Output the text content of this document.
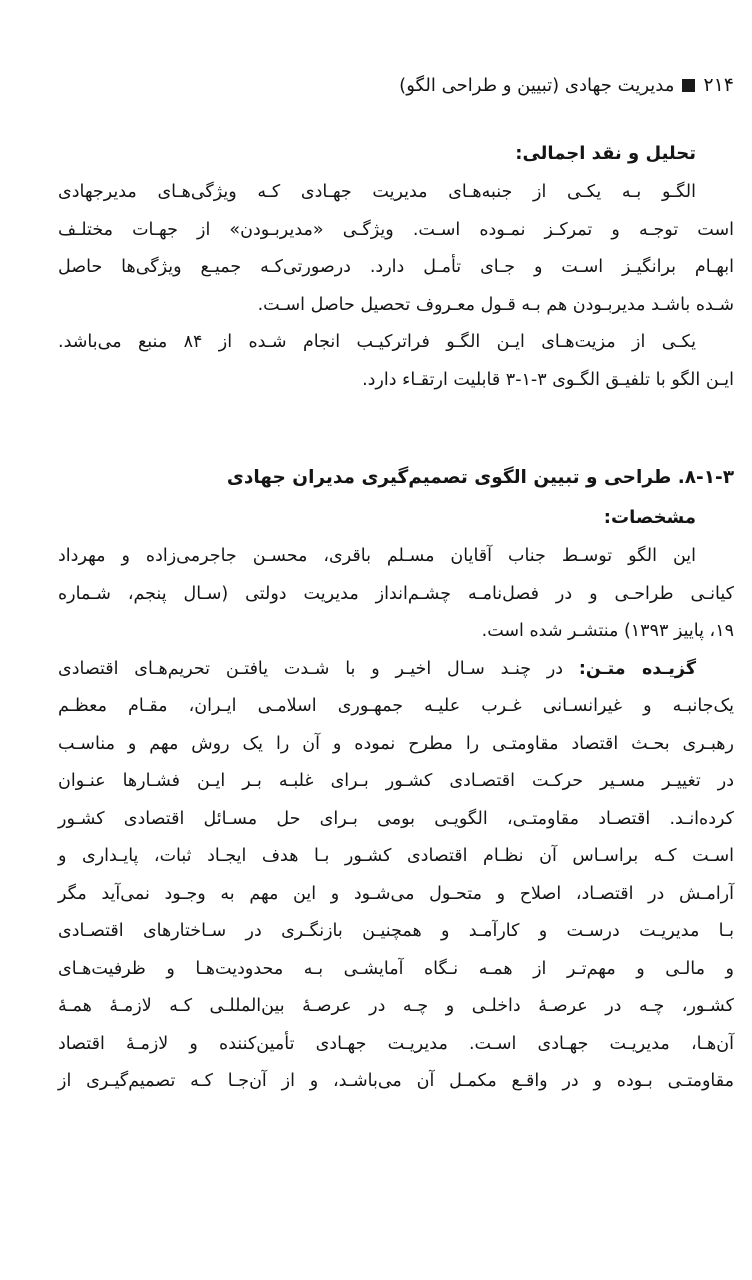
۲۱۴
مدیریت جهادی (تبیین و طراحی الگو)
تحلیل و نقد اجمالی:
الگـو بـه یکـی از جنبه‌هـای مدیریت جهـادی کـه ویژگی‌هـای مدیرجهادی
است توجـه و تمرکـز نمـوده اسـت. ویژگـی «مدیربـودن» از جهـات مختلـف
ابهـام برانگیـز اسـت و جـای تأمـل دارد. درصورتی‌کـه جمیـع ویژگی‌ها حاصل
شـده باشـد مدیربـودن هم بـه قـول معـروف تحصیل حاصل اسـت.
یکـی از مزیت‌هـای ایـن الگـو فراترکیـب انجام شـده از ۸۴ منبع می‌باشد.
ایـن الگو با تلفیـق الگـوی ۳-۱-۳ قابلیت ارتقـاء دارد.
۸-۱-۳. طراحی و تبیین الگوی تصمیم‌گیری مدیران جهادی
مشخصات:
این الگو توسـط جناب آقایان مسـلم باقری، محسـن جاجرمی‌زاده و مهرداد
کیانـی طراحـی و در فصل‌نامـه چشـم‌انداز مدیریت دولتی (سـال پنجم، شـماره
۱۹، پاییز ۱۳۹۳) منتشـر شده است.
گزیـده متـن: در چنـد سـال اخیـر و با شـدت یافتـن تحریم‌هـای اقتصادی
یک‌جانبـه و غیرانسـانی غـرب علیـه جمهـوری اسلامـی ایـران، مقـام معظـم
رهبـری بحـث اقتصاد مقاومتـی را مطرح نموده و آن را یک روش مهم و مناسـب
در تغییـر مسـیر حرکـت اقتصـادی کشـور بـرای غلبـه بـر ایـن فشـارها عنـوان
کرده‌انـد. اقتصـاد مقاومتـی، الگویـی بومی بـرای حل مسـائل اقتصادی کشـور
اسـت کـه براسـاس آن نظـام اقتصادی کشـور بـا هدف ایجـاد ثبات، پایـداری و
آرامـش در اقتصـاد، اصلاح و متحـول می‌شـود و این مهم به وجـود نمی‌آید مگر
بـا مدیریـت درسـت و کارآمـد و همچنیـن بازنگـری در سـاختارهای اقتصـادی
و مالـی و مهم‌تـر از همـه نـگاه آمایشـی بـه محدودیت‌هـا و ظرفیت‌هـای
کشـور، چـه در عرصـهٔ داخلـی و چـه در عرصـهٔ بین‌المللـی کـه لازمـهٔ همـهٔ
آن‌هـا، مدیریـت جهـادی اسـت. مدیریـت جهـادی تأمین‌کننده و لازمـهٔ اقتصاد
مقاومتـی بـوده و در واقـع مکمـل آن می‌باشـد، و از آن‌جـا کـه تصمیم‌گیـری از
